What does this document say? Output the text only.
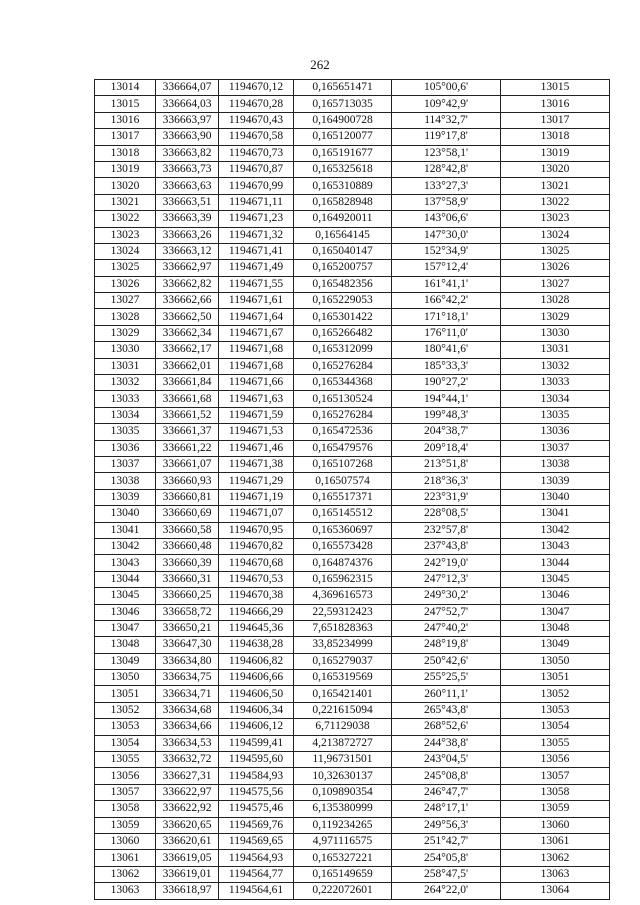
262
13014	336664,07	1194670,12	0,165651471	105°00,6'	13015
13015	336664,03	1194670,28	0,165713035	109°42,9'	13016
13016	336663,97	1194670,43	0,164900728	114°32,7'	13017
13017	336663,90	1194670,58	0,165120077	119°17,8'	13018
13018	336663,82	1194670,73	0,165191677	123°58,1'	13019
13019	336663,73	1194670,87	0,165325618	128°42,8'	13020
13020	336663,63	1194670,99	0,165310889	133°27,3'	13021
13021	336663,51	1194671,11	0,165828948	137°58,9'	13022
13022	336663,39	1194671,23	0,164920011	143°06,6'	13023
13023	336663,26	1194671,32	0,16564145	147°30,0'	13024
13024	336663,12	1194671,41	0,165040147	152°34,9'	13025
13025	336662,97	1194671,49	0,165200757	157°12,4'	13026
13026	336662,82	1194671,55	0,165482356	161°41,1'	13027
13027	336662,66	1194671,61	0,165229053	166°42,2'	13028
13028	336662,50	1194671,64	0,165301422	171°18,1'	13029
13029	336662,34	1194671,67	0,165266482	176°11,0'	13030
13030	336662,17	1194671,68	0,165312099	180°41,6'	13031
13031	336662,01	1194671,68	0,165276284	185°33,3'	13032
13032	336661,84	1194671,66	0,165344368	190°27,2'	13033
13033	336661,68	1194671,63	0,165130524	194°44,1'	13034
13034	336661,52	1194671,59	0,165276284	199°48,3'	13035
13035	336661,37	1194671,53	0,165472536	204°38,7'	13036
13036	336661,22	1194671,46	0,165479576	209°18,4'	13037
13037	336661,07	1194671,38	0,165107268	213°51,8'	13038
13038	336660,93	1194671,29	0,16507574	218°36,3'	13039
13039	336660,81	1194671,19	0,165517371	223°31,9'	13040
13040	336660,69	1194671,07	0,165145512	228°08,5'	13041
13041	336660,58	1194670,95	0,165360697	232°57,8'	13042
13042	336660,48	1194670,82	0,165573428	237°43,8'	13043
13043	336660,39	1194670,68	0,164874376	242°19,0'	13044
13044	336660,31	1194670,53	0,165962315	247°12,3'	13045
13045	336660,25	1194670,38	4,369616573	249°30,2'	13046
13046	336658,72	1194666,29	22,59312423	247°52,7'	13047
13047	336650,21	1194645,36	7,651828363	247°40,2'	13048
13048	336647,30	1194638,28	33,85234999	248°19,8'	13049
13049	336634,80	1194606,82	0,165279037	250°42,6'	13050
13050	336634,75	1194606,66	0,165319569	255°25,5'	13051
13051	336634,71	1194606,50	0,165421401	260°11,1'	13052
13052	336634,68	1194606,34	0,221615094	265°43,8'	13053
13053	336634,66	1194606,12	6,71129038	268°52,6'	13054
13054	336634,53	1194599,41	4,213872727	244°38,8'	13055
13055	336632,72	1194595,60	11,96731501	243°04,5'	13056
13056	336627,31	1194584,93	10,32630137	245°08,8'	13057
13057	336622,97	1194575,56	0,109890354	246°47,7'	13058
13058	336622,92	1194575,46	6,135380999	248°17,1'	13059
13059	336620,65	1194569,76	0,119234265	249°56,3'	13060
13060	336620,61	1194569,65	4,971116575	251°42,7'	13061
13061	336619,05	1194564,93	0,165327221	254°05,8'	13062
13062	336619,01	1194564,77	0,165149659	258°47,5'	13063
13063	336618,97	1194564,61	0,222072601	264°22,0'	13064
